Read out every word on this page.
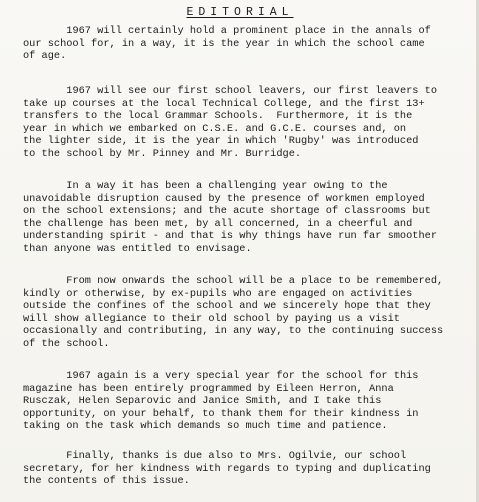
EDITORIAL

1967 will certainly hold a prominent place in the annals of
our school for, in a way, it is the year in which the school came
of age.

1967 will see our first school leavers, our first leavers to
take up courses at the local Technical College, and the first 13+
transfers to the local Grammar Schools.  Furthermore, it is the
year in which we embarked on C.S.E. and G.C.E. courses and, on
the lighter side, it is the year in which 'Rugby' was introduced
to the school by Mr. Pinney and Mr. Burridge.

In a way it has been a challenging year owing to the
unavoidable disruption caused by the presence of workmen employed
on the school extensions; and the acute shortage of classrooms but
the challenge has been met, by all concerned, in a cheerful and
understanding spirit - and that is why things have run far smoother
than anyone was entitled to envisage.

From now onwards the school will be a place to be remembered,
kindly or otherwise, by ex-pupils who are engaged on activities
outside the confines of the school and we sincerely hope that they
will show allegiance to their old school by paying us a visit
occasionally and contributing, in any way, to the continuing success
of the school.

1967 again is a very special year for the school for this
magazine has been entirely programmed by Eileen Herron, Anna
Rusczak, Helen Separovic and Janice Smith, and I take this
opportunity, on your behalf, to thank them for their kindness in
taking on the task which demands so much time and patience.

Finally, thanks is due also to Mrs. Ogilvie, our school
secretary, for her kindness with regards to typing and duplicating
the contents of this issue.
